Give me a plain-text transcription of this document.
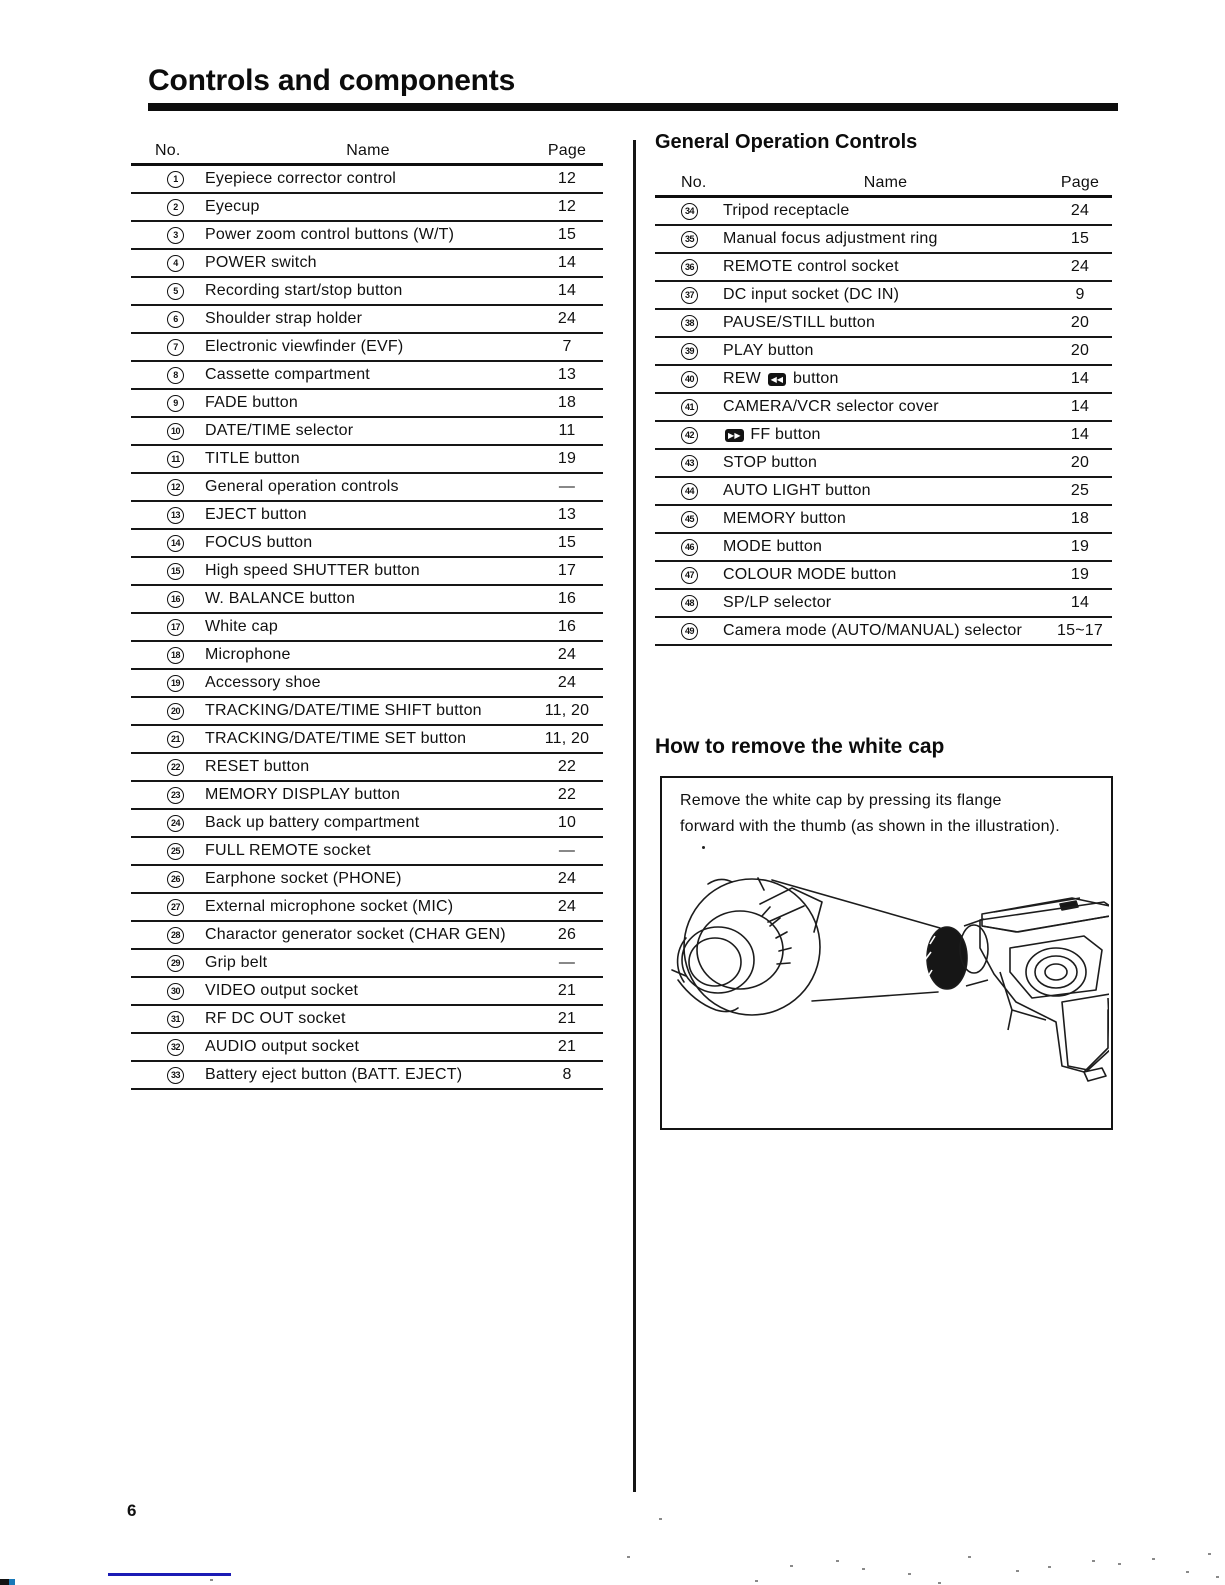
Controls and components
No.	Name	Page
1	Eyepiece corrector control	12
2	Eyecup	12
3	Power zoom control buttons (W/T)	15
4	POWER switch	14
5	Recording start/stop button	14
6	Shoulder strap holder	24
7	Electronic viewfinder (EVF)	7
8	Cassette compartment	13
9	FADE button	18
10	DATE/TIME selector	11
11	TITLE button	19
12	General operation controls	—
13	EJECT button	13
14	FOCUS button	15
15	High speed SHUTTER button	17
16	W. BALANCE button	16
17	White cap	16
18	Microphone	24
19	Accessory shoe	24
20	TRACKING/DATE/TIME SHIFT button	11, 20
21	TRACKING/DATE/TIME SET button	11, 20
22	RESET button	22
23	MEMORY DISPLAY button	22
24	Back up battery compartment	10
25	FULL REMOTE socket	—
26	Earphone socket (PHONE)	24
27	External microphone socket (MIC)	24
28	Charactor generator socket (CHAR GEN)	26
29	Grip belt	—
30	VIDEO output socket	21
31	RF DC OUT socket	21
32	AUDIO output socket	21
33	Battery eject button (BATT. EJECT)	8
General Operation Controls
No.	Name	Page
34	Tripod receptacle	24
35	Manual focus adjustment ring	15
36	REMOTE control socket	24
37	DC input socket (DC IN)	9
38	PAUSE/STILL button	20
39	PLAY button	20
40	REW ◀◀ button	14
41	CAMERA/VCR selector cover	14
42	▶▶ FF button	14
43	STOP button	20
44	AUTO LIGHT button	25
45	MEMORY button	18
46	MODE button	19
47	COLOUR MODE button	19
48	SP/LP selector	14
49	Camera mode (AUTO/MANUAL) selector	15~17
How to remove the white cap
Remove the white cap by pressing its flange
forward with the thumb (as shown in the illustration).
6
